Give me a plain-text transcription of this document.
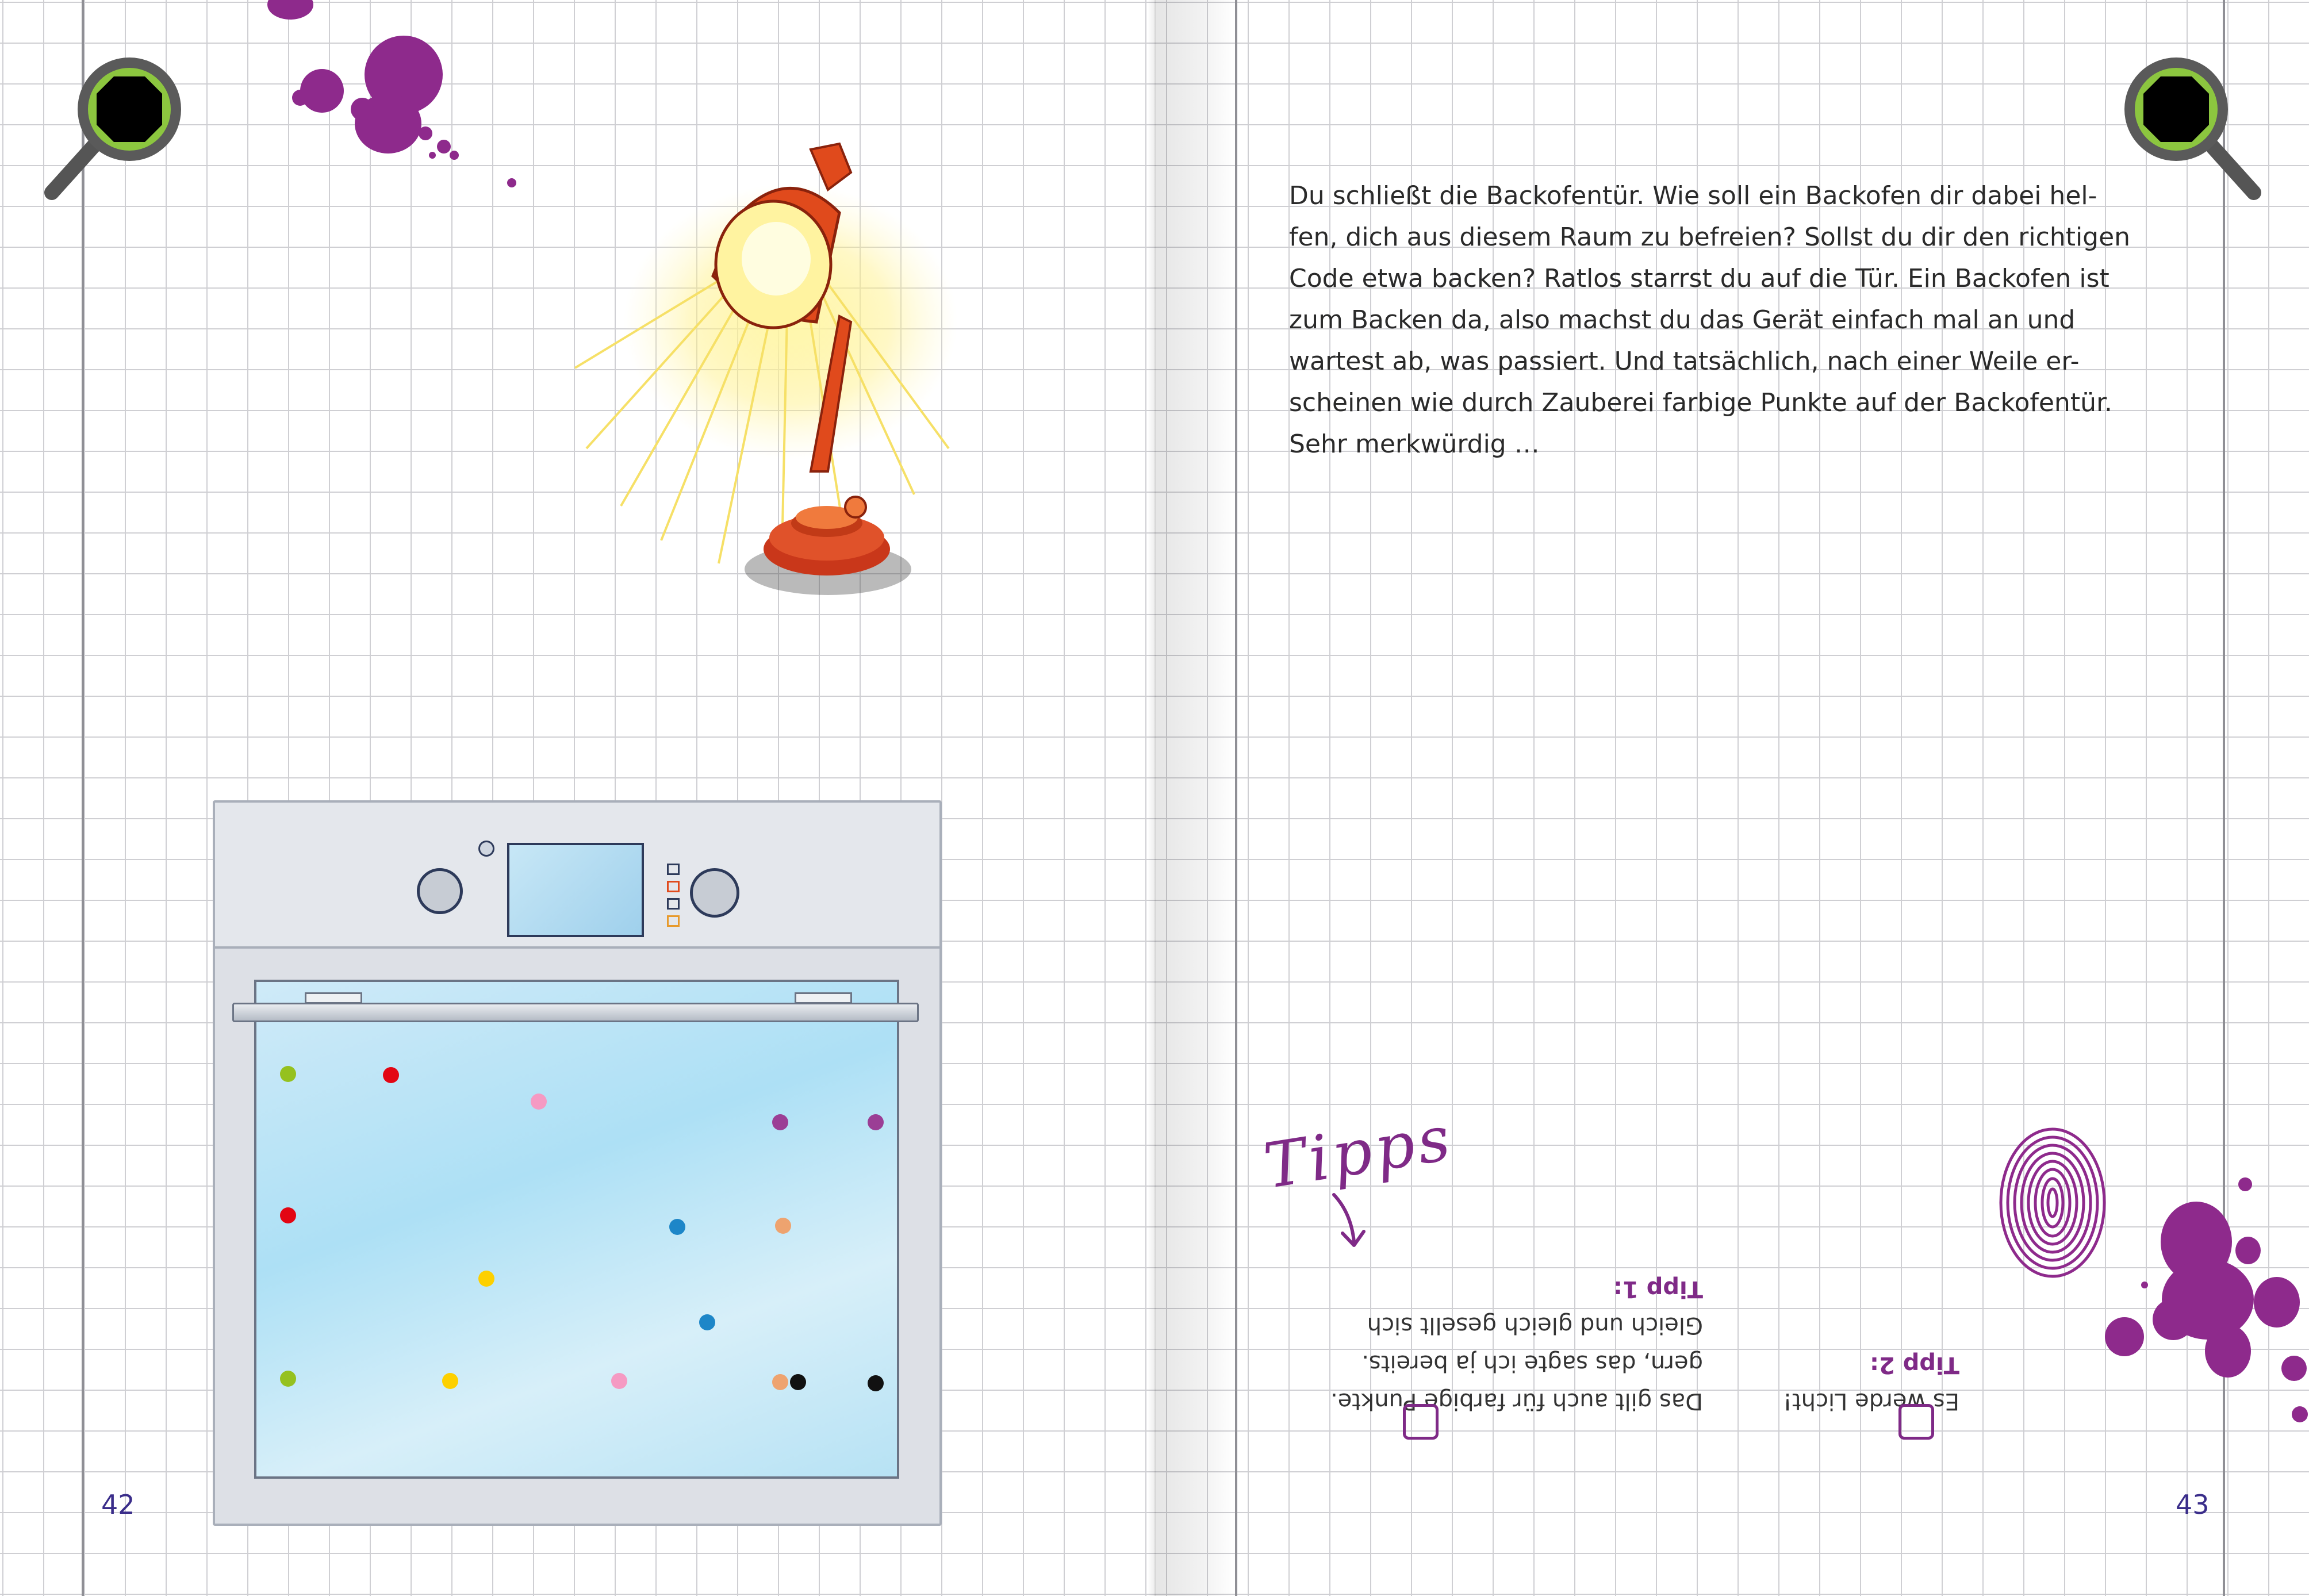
Du schließt die Backofentür. Wie soll ein Backofen dir dabei hel-
fen, dich aus diesem Raum zu befreien? Sollst du dir den richtigen
Code etwa backen? Ratlos starrst du auf die Tür. Ein Backofen ist
zum Backen da, also machst du das Gerät einfach mal an und
wartest ab, was passiert. Und tatsächlich, nach einer Weile er-
scheinen wie durch Zauberei farbige Punkte auf der Backofentür.
Sehr merkwürdig …
Tipps
Das gilt auch für farbige Punkte.
gern, das sagte ich ja bereits.
Gleich und gleich gesellt sich
Tipp 1:
Es werde Licht!
Tipp 2:
42	43
